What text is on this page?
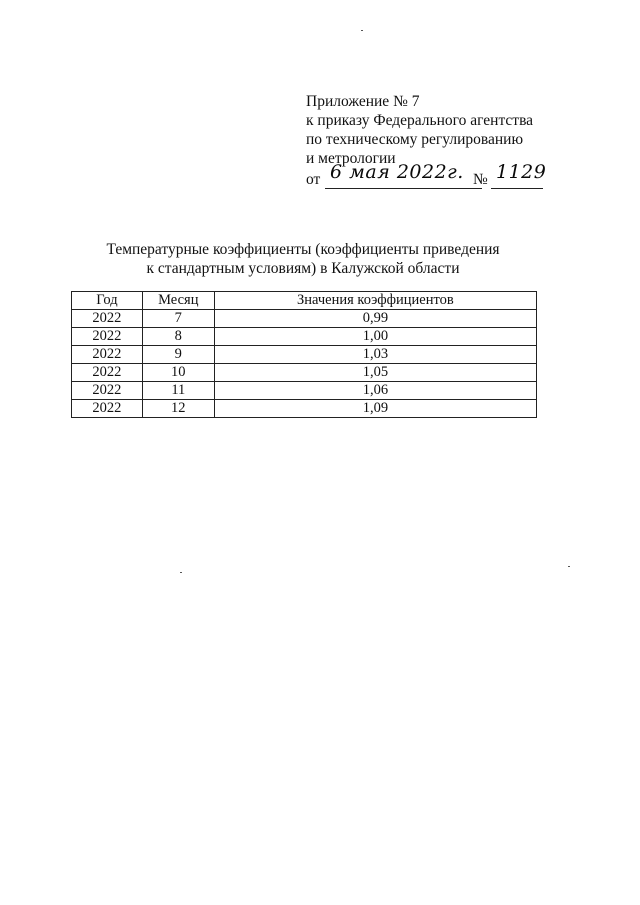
Приложение № 7
к приказу Федерального агентства
по техническому регулированию
и метрологии
от 6 мая 2022г. № 1129
Температурные коэффициенты (коэффициенты приведения
к стандартным условиям) в Калужской области
Год	Месяц	Значения коэффициентов
2022	7	0,99
2022	8	1,00
2022	9	1,03
2022	10	1,05
2022	11	1,06
2022	12	1,09
